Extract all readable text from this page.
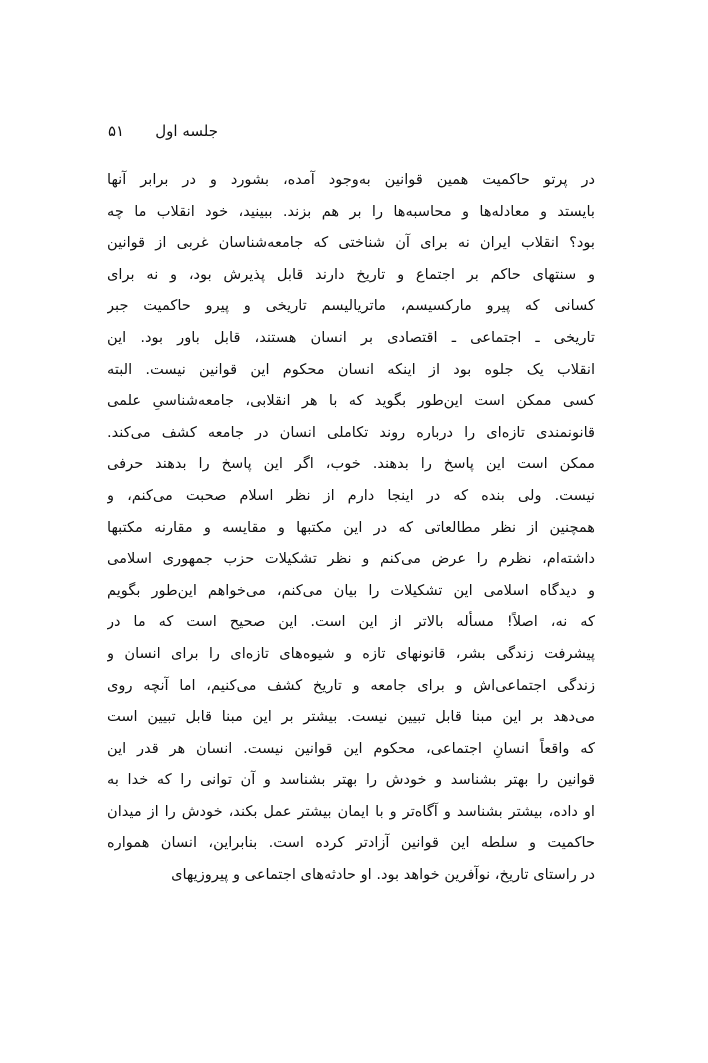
جلسه اول
۵۱
در پرتو حاکمیت همین قوانین به‌وجود آمده، بشورد و در برابر آنها
بایستد و معادله‌ها و محاسبه‌ها را بر هم بزند. ببینید، خود انقلاب ما چه
بود؟ انقلاب ایران نه برای آن شناختی که جامعه‌شناسان غربی از قوانین
و سنتهای حاکم بر اجتماع و تاریخ دارند قابل پذیرش بود، و نه برای
کسانی که پیرو مارکسیسم، ماتریالیسم تاریخی و پیرو حاکمیت جبر
تاریخی ـ اجتماعی ـ اقتصادی بر انسان هستند، قابل باور بود. این
انقلاب یک جلوه بود از اینکه انسان محکوم این قوانین نیست. البته
کسی ممکن است این‌طور بگوید که با هر انقلابی، جامعه‌شناسیِ علمی
قانونمندی تازه‌ای را درباره روند تکاملی انسان در جامعه کشف می‌کند.
ممکن است این پاسخ را بدهند. خوب، اگر این پاسخ را بدهند حرفی
نیست. ولی بنده که در اینجا دارم از نظر اسلام صحبت می‌کنم، و
همچنین از نظر مطالعاتی که در این مکتبها و مقایسه و مقارنه مکتبها
داشته‌ام، نظرم را عرض می‌کنم و نظر تشکیلات حزب جمهوری اسلامی
و دیدگاه اسلامی این تشکیلات را بیان می‌کنم، می‌خواهم این‌طور بگویم
که نه، اصلاً! مسأله بالاتر از این است. این صحیح است که ما در
پیشرفت زندگی بشر، قانونهای تازه و شیوه‌های تازه‌ای را برای انسان و
زندگی اجتماعی‌اش و برای جامعه و تاریخ کشف می‌کنیم، اما آنچه روی
می‌دهد بر این مبنا قابل تبیین نیست. بیشتر بر این مبنا قابل تبیین است
که واقعاً انسانِ اجتماعی، محکوم این قوانین نیست. انسان هر قدر این
قوانین را بهتر بشناسد و خودش را بهتر بشناسد و آن توانی را که خدا به
او داده، بیشتر بشناسد و آگاه‌تر و با ایمان بیشتر عمل بکند، خودش را از میدان
حاکمیت و سلطه این قوانین آزادتر کرده است. بنابراین، انسان همواره
در راستای تاریخ، نوآفرین خواهد بود. او حادثه‌های اجتماعی و پیروزیهای
